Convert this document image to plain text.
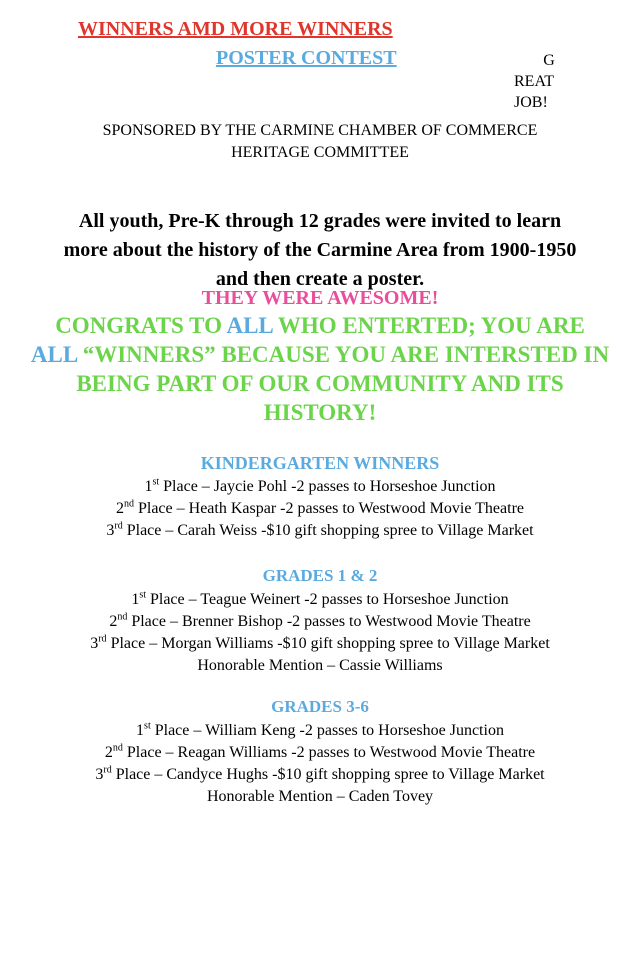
WINNERS AMD MORE WINNERS
POSTER CONTEST	G
REAT
JOB!
SPONSORED BY THE CARMINE CHAMBER OF COMMERCE
HERITAGE COMMITTEE
All youth, Pre-K through 12 grades were invited to learn
more about the history of the Carmine Area from 1900-1950
and then create a poster.
THEY WERE AWESOME!
CONGRATS TO ALL WHO ENTERTED; YOU ARE ALL “WINNERS” BECAUSE YOU ARE INTERSTED IN BEING PART OF OUR COMMUNITY AND ITS HISTORY!
KINDERGARTEN WINNERS
1st Place – Jaycie Pohl -2 passes to Horseshoe Junction
2nd Place – Heath Kaspar -2 passes to Westwood Movie Theatre
3rd Place – Carah Weiss -$10 gift shopping spree to Village Market
GRADES 1 & 2
1st Place – Teague Weinert -2 passes to Horseshoe Junction
2nd Place – Brenner Bishop -2 passes to Westwood Movie Theatre
3rd Place – Morgan Williams -$10 gift shopping spree to Village Market
Honorable Mention – Cassie Williams
GRADES 3-6
1st Place – William Keng -2 passes to Horseshoe Junction
2nd Place – Reagan Williams -2 passes to Westwood Movie Theatre
3rd Place – Candyce Hughs -$10 gift shopping spree to Village Market
Honorable Mention – Caden Tovey
